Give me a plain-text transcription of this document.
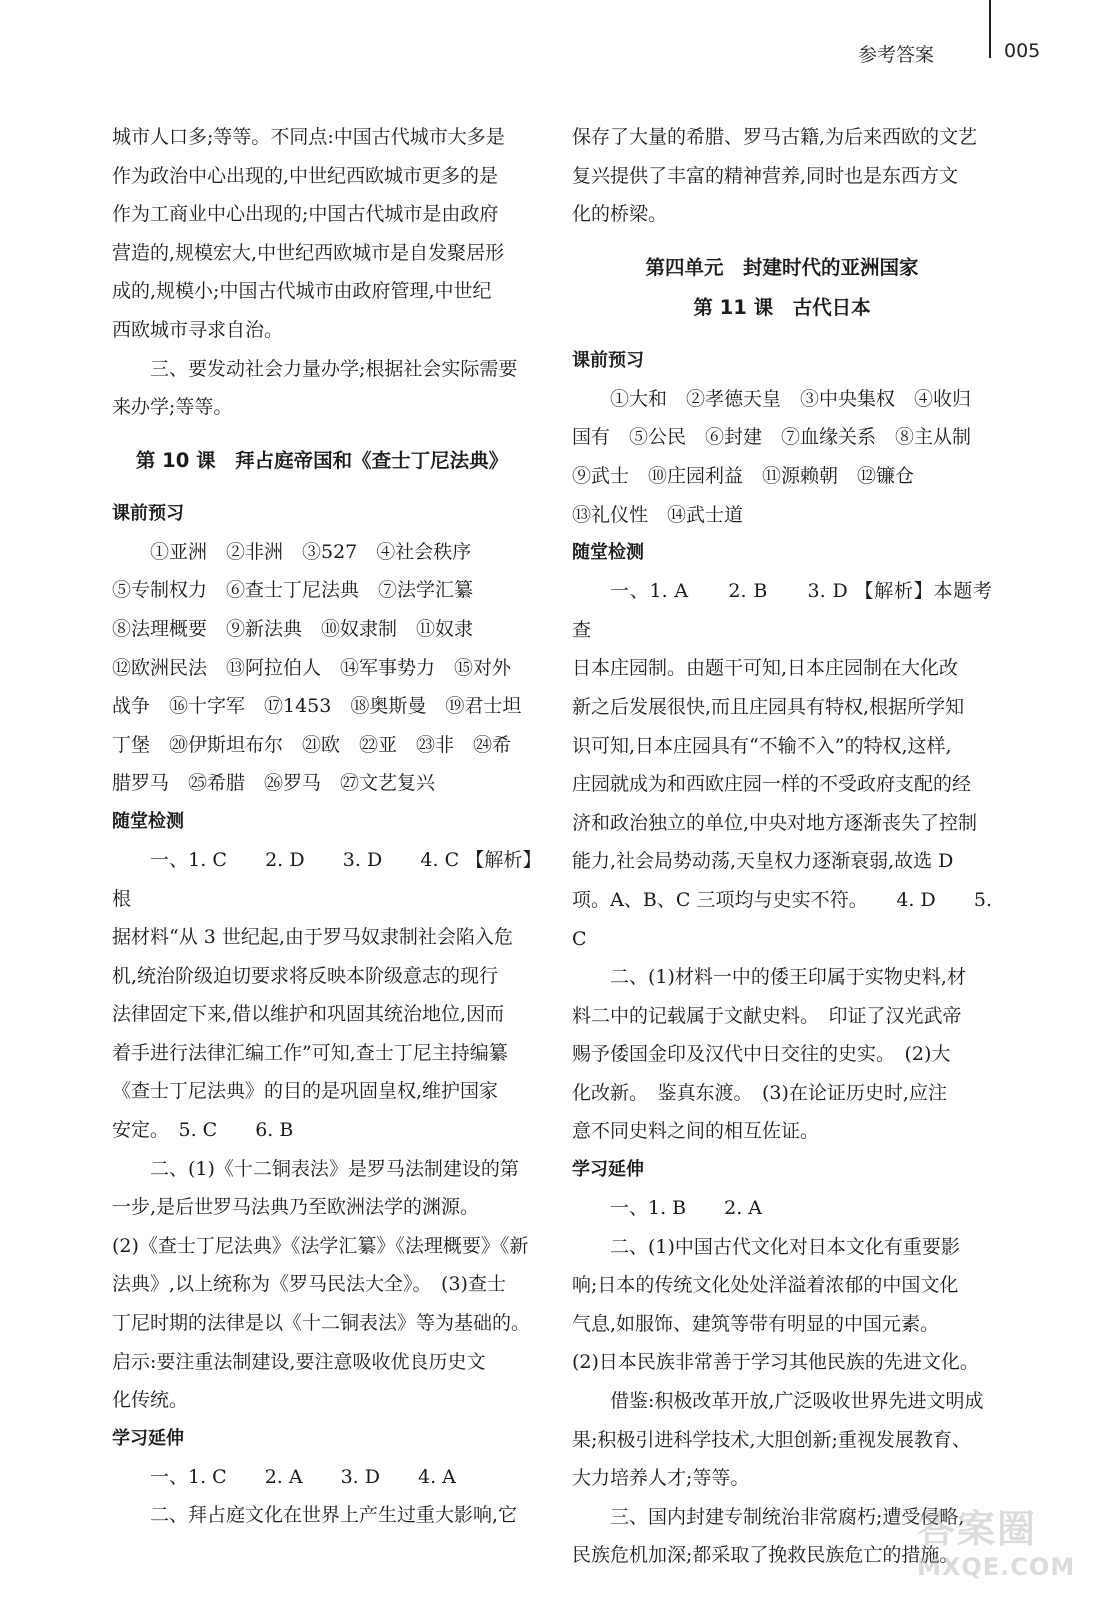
参考答案	005

城市人口多;等等。不同点:中国古代城市大多是

作为政治中心出现的,中世纪西欧城市更多的是

作为工商业中心出现的;中国古代城市是由政府

营造的,规模宏大,中世纪西欧城市是自发聚居形

成的,规模小;中国古代城市由政府管理,中世纪

西欧城市寻求自治。

三、要发动社会力量办学;根据社会实际需要

来办学;等等。

第 10 课　拜占庭帝国和《查士丁尼法典》

课前预习

①亚洲　②非洲　③527　④社会秩序

⑤专制权力　⑥查士丁尼法典　⑦法学汇纂

⑧法理概要　⑨新法典　⑩奴隶制　⑪奴隶

⑫欧洲民法　⑬阿拉伯人　⑭军事势力　⑮对外

战争　⑯十字军　⑰1453　⑱奥斯曼　⑲君士坦

丁堡　⑳伊斯坦布尔　㉑欧　㉒亚　㉓非　㉔希

腊罗马　㉕希腊　㉖罗马　㉗文艺复兴

随堂检测

一、1. C　　2. D　　3. D　　4. C 【解析】根

据材料“从 3 世纪起,由于罗马奴隶制社会陷入危

机,统治阶级迫切要求将反映本阶级意志的现行

法律固定下来,借以维护和巩固其统治地位,因而

着手进行法律汇编工作”可知,查士丁尼主持编纂

《查士丁尼法典》的目的是巩固皇权,维护国家

安定。　5. C　　6. B

二、(1)《十二铜表法》是罗马法制建设的第

一步,是后世罗马法典乃至欧洲法学的渊源。

(2)《查士丁尼法典》《法学汇纂》《法理概要》《新

法典》,以上统称为《罗马民法大全》。　(3)查士

丁尼时期的法律是以《十二铜表法》等为基础的。

启示:要注重法制建设,要注意吸收优良历史文

化传统。

学习延伸

一、1. C　　2. A　　3. D　　4. A

二、拜占庭文化在世界上产生过重大影响,它

保存了大量的希腊、罗马古籍,为后来西欧的文艺

复兴提供了丰富的精神营养,同时也是东西方文

化的桥梁。

第四单元　封建时代的亚洲国家

第 11 课　古代日本

课前预习

①大和　②孝德天皇　③中央集权　④收归

国有　⑤公民　⑥封建　⑦血缘关系　⑧主从制

⑨武士　⑩庄园利益　⑪源赖朝　⑫镰仓

⑬礼仪性　⑭武士道

随堂检测

一、1. A　　2. B　　3. D 【解析】本题考查

日本庄园制。由题干可知,日本庄园制在大化改

新之后发展很快,而且庄园具有特权,根据所学知

识可知,日本庄园具有“不输不入”的特权,这样,

庄园就成为和西欧庄园一样的不受政府支配的经

济和政治独立的单位,中央对地方逐渐丧失了控制

能力,社会局势动荡,天皇权力逐渐衰弱,故选 D

项。A、B、C 三项均与史实不符。　　4. D　　5. C

二、(1)材料一中的倭王印属于实物史料,材

料二中的记载属于文献史料。　印证了汉光武帝

赐予倭国金印及汉代中日交往的史实。　(2)大

化改新。　鉴真东渡。　(3)在论证历史时,应注

意不同史料之间的相互佐证。

学习延伸

一、1. B　　2. A

二、(1)中国古代文化对日本文化有重要影

响;日本的传统文化处处洋溢着浓郁的中国文化

气息,如服饰、建筑等带有明显的中国元素。

(2)日本民族非常善于学习其他民族的先进文化。

借鉴:积极改革开放,广泛吸收世界先进文明成

果;积极引进科学技术,大胆创新;重视发展教育、

大力培养人才;等等。

三、国内封建专制统治非常腐朽;遭受侵略,

民族危机加深;都采取了挽救民族危亡的措施。

答案圈
MXQE.COM
